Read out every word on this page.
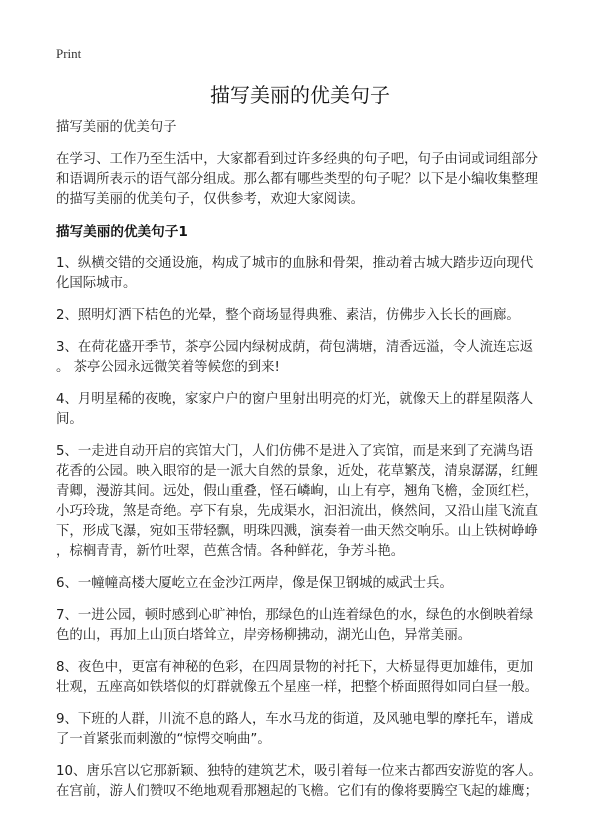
Print
描写美丽的优美句子

描写美丽的优美句子

在学习、工作乃至生活中，大家都看到过许多经典的句子吧，句子由词或词组部分
和语调所表示的语气部分组成。那么都有哪些类型的句子呢？以下是小编收集整理
的描写美丽的优美句子，仅供参考，欢迎大家阅读。

描写美丽的优美句子1

1、纵横交错的交通设施，构成了城市的血脉和骨架，推动着古城大踏步迈向现代
化国际城市。

2、照明灯洒下桔色的光晕，整个商场显得典雅、素洁，仿佛步入长长的画廊。

3、在荷花盛开季节，茶亭公园内绿树成荫，荷包满塘，清香远溢，令人流连忘返
。 茶亭公园永远微笑着等候您的到来!

4、月明星稀的夜晚，家家户户的窗户里射出明亮的灯光，就像天上的群星陨落人
间。

5、一走进自动开启的宾馆大门，人们仿佛不是进入了宾馆，而是来到了充满鸟语
花香的公园。映入眼帘的是一派大自然的景象，近处，花草繁茂，清泉潺潺，红鲤
青卿，漫游其间。远处，假山重叠，怪石嶙峋，山上有亭，翘角飞檐，金顶红栏，
小巧玲珑，煞是奇绝。亭下有泉，先成渠水，汩汩流出，倏然间，又沿山崖飞流直
下，形成飞瀑，宛如玉带轻飘，明珠四溅，演奏着一曲天然交响乐。山上铁树峥峥
，棕榈青青，新竹吐翠，芭蕉含情。各种鲜花，争芳斗艳。

6、一幢幢高楼大厦屹立在金沙江两岸，像是保卫钢城的威武士兵。

7、一进公园，顿时感到心旷神怡，那绿色的山连着绿色的水，绿色的水倒映着绿
色的山，再加上山顶白塔耸立，岸旁杨柳拂动，湖光山色，异常美丽。

8、夜色中，更富有神秘的色彩，在四周景物的衬托下，大桥显得更加雄伟，更加
壮观，五座高如铁塔似的灯群就像五个星座一样，把整个桥面照得如同白昼一般。

9、下班的人群，川流不息的路人，车水马龙的街道，及风驰电掣的摩托车，谱成
了一首紧张而刺激的“惊愕交响曲”。

10、唐乐宫以它那新颖、独特的建筑艺术，吸引着每一位来古都西安游览的客人。
在宫前，游人们赞叹不绝地观看那翘起的飞檐。它们有的像将要腾空飞起的雄鹰；
